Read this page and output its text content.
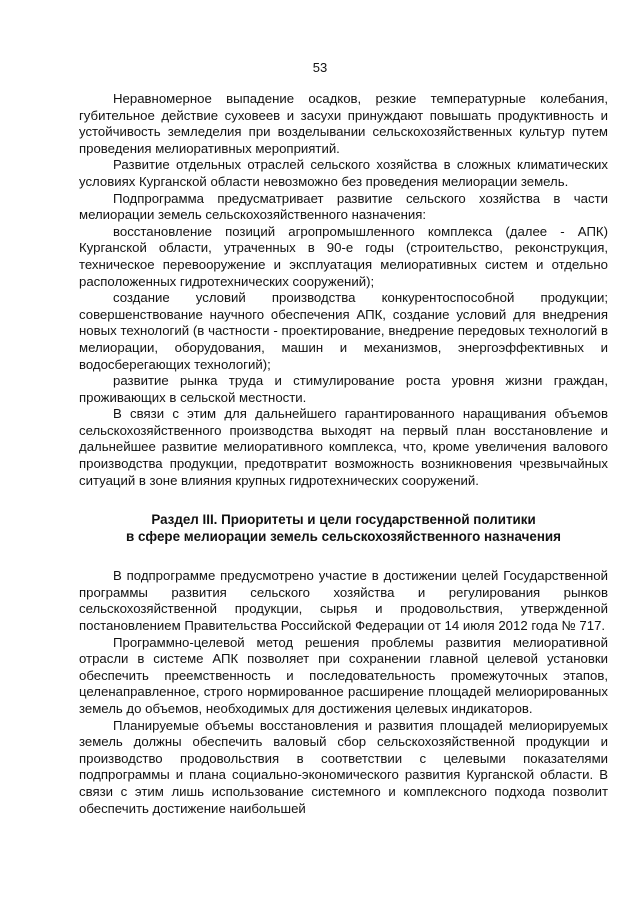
53

Неравномерное выпадение осадков, резкие температурные колебания, губительное действие суховеев и засухи принуждают повышать продуктивность и устойчивость земледелия при возделывании сельскохозяйственных культур путем проведения мелиоративных мероприятий.

Развитие отдельных отраслей сельского хозяйства в сложных климатических условиях Курганской области невозможно без проведения мелиорации земель.

Подпрограмма предусматривает развитие сельского хозяйства в части мелиорации земель сельскохозяйственного назначения:

восстановление позиций агропромышленного комплекса (далее - АПК) Курганской области, утраченных в 90-е годы (строительство, реконструкция, техническое перевооружение и эксплуатация мелиоративных систем и отдельно расположенных гидротехнических сооружений);

создание условий производства конкурентоспособной продукции; совершенствование научного обеспечения АПК, создание условий для внедрения новых технологий (в частности - проектирование, внедрение передовых технологий в мелиорации, оборудования, машин и механизмов, энергоэффективных и водосберегающих технологий);

развитие рынка труда и стимулирование роста уровня жизни граждан, проживающих в сельской местности.

В связи с этим для дальнейшего гарантированного наращивания объемов сельскохозяйственного производства выходят на первый план восстановление и дальнейшее развитие мелиоративного комплекса, что, кроме увеличения валового производства продукции, предотвратит возможность возникновения чрезвычайных ситуаций в зоне влияния крупных гидротехнических сооружений.

Раздел III. Приоритеты и цели государственной политики
в сфере мелиорации земель сельскохозяйственного назначения

В подпрограмме предусмотрено участие в достижении целей Государственной программы развития сельского хозяйства и регулирования рынков сельскохозяйственной продукции, сырья и продовольствия, утвержденной постановлением Правительства Российской Федерации от 14 июля 2012 года № 717.

Программно-целевой метод решения проблемы развития мелиоративной отрасли в системе АПК позволяет при сохранении главной целевой установки обеспечить преемственность и последовательность промежуточных этапов, целенаправленное, строго нормированное расширение площадей мелиорированных земель до объемов, необходимых для достижения целевых индикаторов.

Планируемые объемы восстановления и развития площадей мелиорируемых земель должны обеспечить валовый сбор сельскохозяйственной продукции и производство продовольствия в соответствии с целевыми показателями подпрограммы и плана социально-экономического развития Курганской области. В связи с этим лишь использование системного и комплексного подхода позволит обеспечить достижение наибольшей
